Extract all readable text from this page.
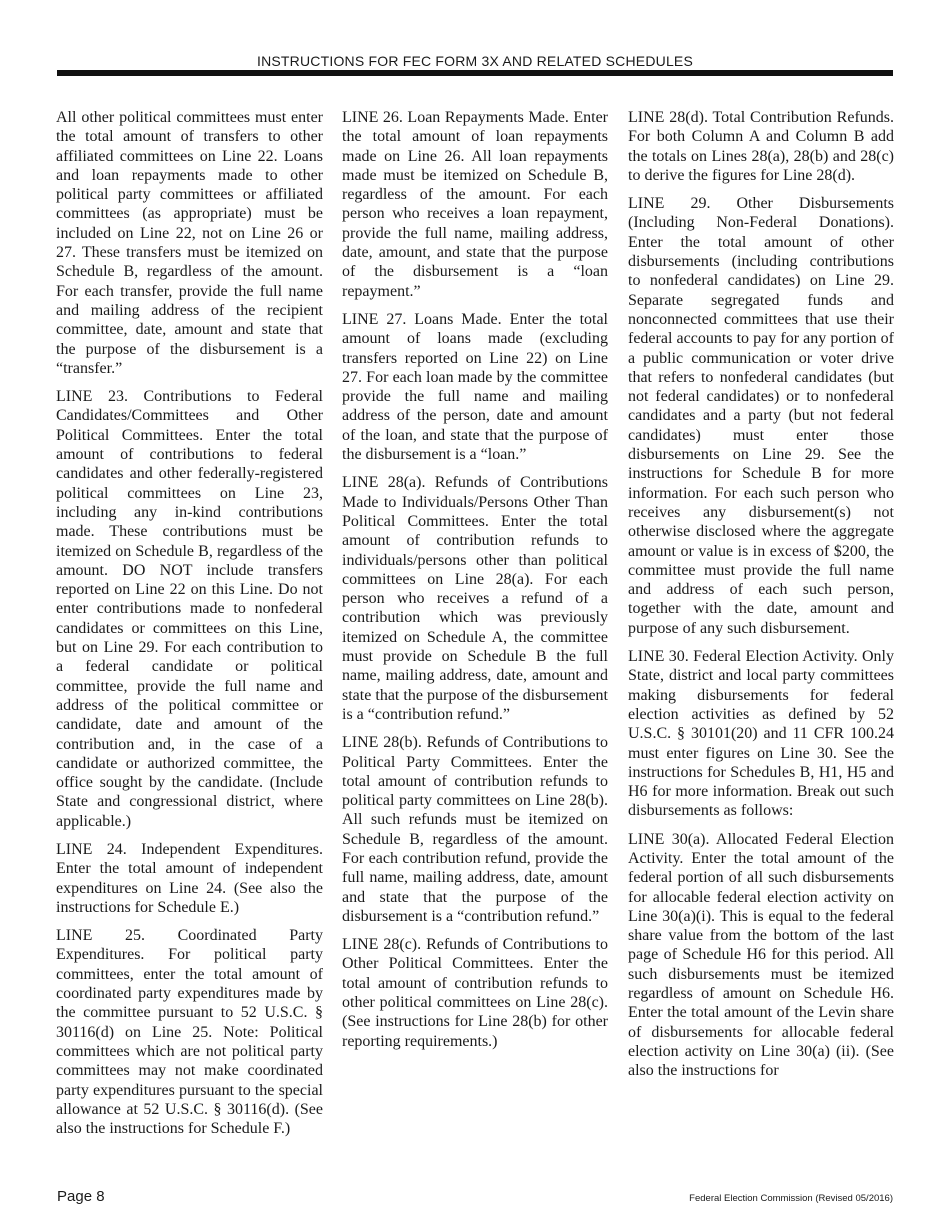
INSTRUCTIONS FOR FEC FORM 3X AND RELATED SCHEDULES

All other political committees must enter the total amount of transfers to other affiliated committees on Line 22. Loans and loan repayments made to other political party committees or affiliated committees (as appropriate) must be included on Line 22, not on Line 26 or 27. These transfers must be itemized on Schedule B, regardless of the amount. For each transfer, provide the full name and mailing address of the recipient committee, date, amount and state that the purpose of the disbursement is a “transfer.”

LINE 23. Contributions to Federal Candidates/Committees and Other Political Committees. Enter the total amount of contributions to federal candidates and other federally-registered political committees on Line 23, including any in-kind contributions made. These contributions must be itemized on Schedule B, regardless of the amount. DO NOT include transfers reported on Line 22 on this Line. Do not enter contributions made to nonfederal candidates or committees on this Line, but on Line 29. For each contribution to a federal candidate or political committee, provide the full name and address of the political committee or candidate, date and amount of the contribution and, in the case of a candidate or authorized committee, the office sought by the candidate. (Include State and congressional district, where applicable.)

LINE 24. Independent Expenditures. Enter the total amount of independent expenditures on Line 24. (See also the instructions for Schedule E.)

LINE 25. Coordinated Party Expenditures. For political party committees, enter the total amount of coordinated party expenditures made by the committee pursuant to 52 U.S.C. § 30116(d) on Line 25. Note: Political committees which are not political party committees may not make coordinated party expenditures pursuant to the special allowance at 52 U.S.C. § 30116(d). (See also the instructions for Schedule F.)

LINE 26. Loan Repayments Made. Enter the total amount of loan repayments made on Line 26. All loan repayments made must be itemized on Schedule B, regardless of the amount. For each person who receives a loan repayment, provide the full name, mailing address, date, amount, and state that the purpose of the disbursement is a “loan repayment.”

LINE 27. Loans Made. Enter the total amount of loans made (excluding transfers reported on Line 22) on Line 27. For each loan made by the committee provide the full name and mailing address of the person, date and amount of the loan, and state that the purpose of the disbursement is a “loan.”

LINE 28(a). Refunds of Contributions Made to Individuals/Persons Other Than Political Committees. Enter the total amount of contribution refunds to individuals/persons other than political committees on Line 28(a). For each person who receives a refund of a contribution which was previously itemized on Schedule A, the committee must provide on Schedule B the full name, mailing address, date, amount and state that the purpose of the disbursement is a “contribution refund.”

LINE 28(b). Refunds of Contributions to Political Party Committees. Enter the total amount of contribution refunds to political party committees on Line 28(b). All such refunds must be itemized on Schedule B, regardless of the amount. For each contribution refund, provide the full name, mailing address, date, amount and state that the purpose of the disbursement is a “contribution refund.”

LINE 28(c). Refunds of Contributions to Other Political Committees. Enter the total amount of contribution refunds to other political committees on Line 28(c). (See instructions for Line 28(b) for other reporting requirements.)

LINE 28(d). Total Contribution Refunds. For both Column A and Column B add the totals on Lines 28(a), 28(b) and 28(c) to derive the figures for Line 28(d).

LINE 29. Other Disbursements (Including Non-Federal Donations). Enter the total amount of other disbursements (including contributions to nonfederal candidates) on Line 29. Separate segregated funds and nonconnected committees that use their federal accounts to pay for any portion of a public communication or voter drive that refers to nonfederal candidates (but not federal candidates) or to nonfederal candidates and a party (but not federal candidates) must enter those disbursements on Line 29. See the instructions for Schedule B for more information. For each such person who receives any disbursement(s) not otherwise disclosed where the aggregate amount or value is in excess of $200, the committee must provide the full name and address of each such person, together with the date, amount and purpose of any such disbursement.

LINE 30. Federal Election Activity. Only State, district and local party committees making disbursements for federal election activities as defined by 52 U.S.C. § 30101(20) and 11 CFR 100.24 must enter figures on Line 30. See the instructions for Schedules B, H1, H5 and H6 for more information. Break out such disbursements as follows:

LINE 30(a). Allocated Federal Election Activity. Enter the total amount of the federal portion of all such disbursements for allocable federal election activity on Line 30(a)(i). This is equal to the federal share value from the bottom of the last page of Schedule H6 for this period. All such disbursements must be itemized regardless of amount on Schedule H6. Enter the total amount of the Levin share of disbursements for allocable federal election activity on Line 30(a) (ii). (See also the instructions for

Page 8	Federal Election Commission (Revised 05/2016)
